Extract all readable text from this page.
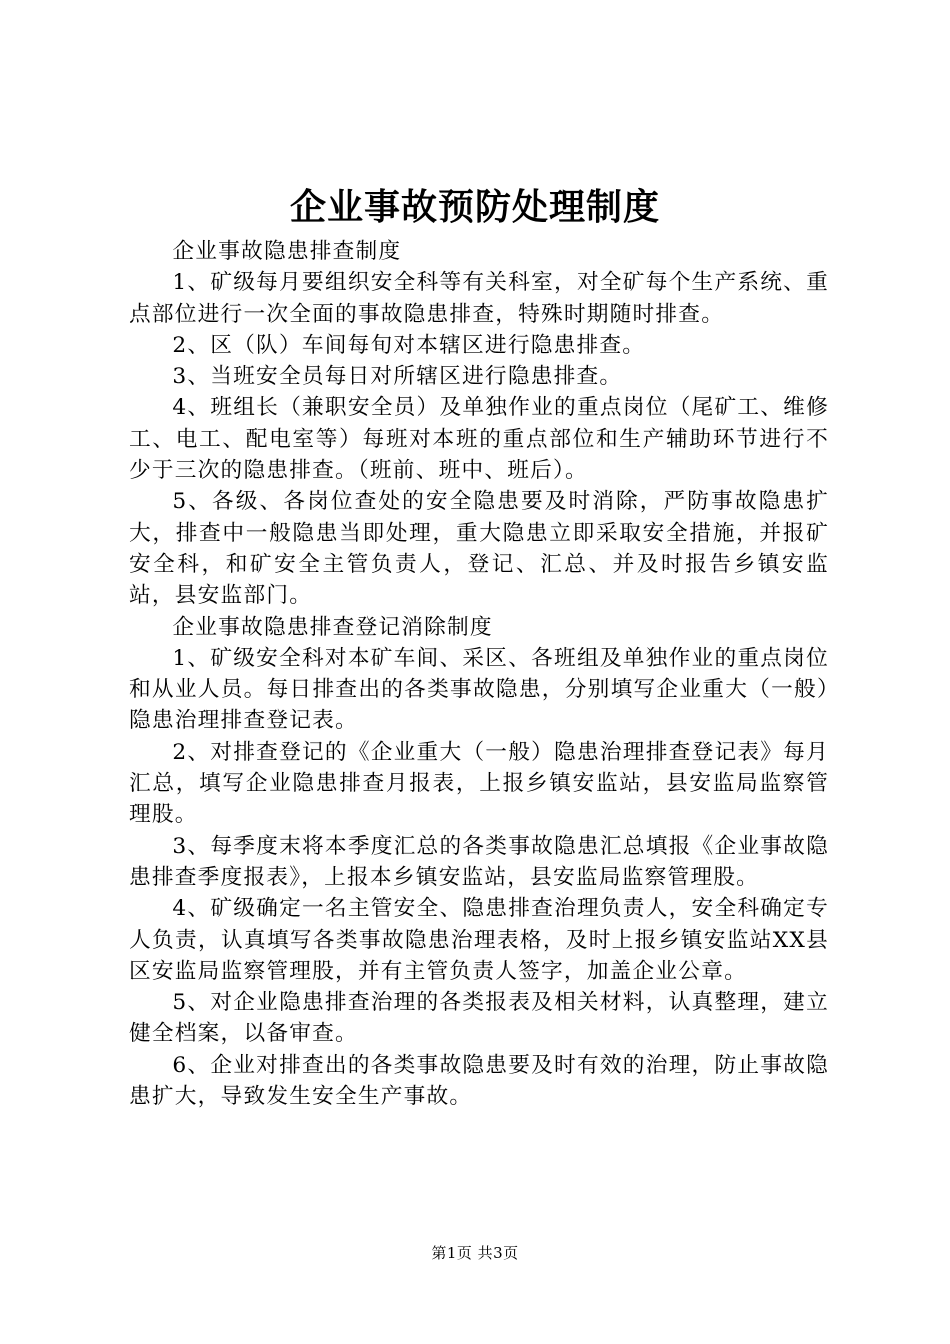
企业事故预防处理制度

企业事故隐患排查制度

1、矿级每月要组织安全科等有关科室，对全矿每个生产系统、重点部位进行一次全面的事故隐患排查，特殊时期随时排查。

2、区（队）车间每旬对本辖区进行隐患排查。

3、当班安全员每日对所辖区进行隐患排查。

4、班组长（兼职安全员）及单独作业的重点岗位（尾矿工、维修工、电工、配电室等）每班对本班的重点部位和生产辅助环节进行不少于三次的隐患排查。（班前、班中、班后）。

5、各级、各岗位查处的安全隐患要及时消除，严防事故隐患扩大，排查中一般隐患当即处理，重大隐患立即采取安全措施，并报矿安全科，和矿安全主管负责人，登记、汇总、并及时报告乡镇安监站，县安监部门。

企业事故隐患排查登记消除制度

1、矿级安全科对本矿车间、采区、各班组及单独作业的重点岗位和从业人员。每日排查出的各类事故隐患，分别填写企业重大（一般）隐患治理排查登记表。

2、对排查登记的《企业重大（一般）隐患治理排查登记表》每月汇总，填写企业隐患排查月报表，上报乡镇安监站，县安监局监察管理股。

3、每季度末将本季度汇总的各类事故隐患汇总填报《企业事故隐患排查季度报表》，上报本乡镇安监站，县安监局监察管理股。

4、矿级确定一名主管安全、隐患排查治理负责人，安全科确定专人负责，认真填写各类事故隐患治理表格，及时上报乡镇安监站XX县区安监局监察管理股，并有主管负责人签字，加盖企业公章。

5、对企业隐患排查治理的各类报表及相关材料，认真整理，建立健全档案，以备审查。

6、企业对排查出的各类事故隐患要及时有效的治理，防止事故隐患扩大，导致发生安全生产事故。

第1页 共3页
